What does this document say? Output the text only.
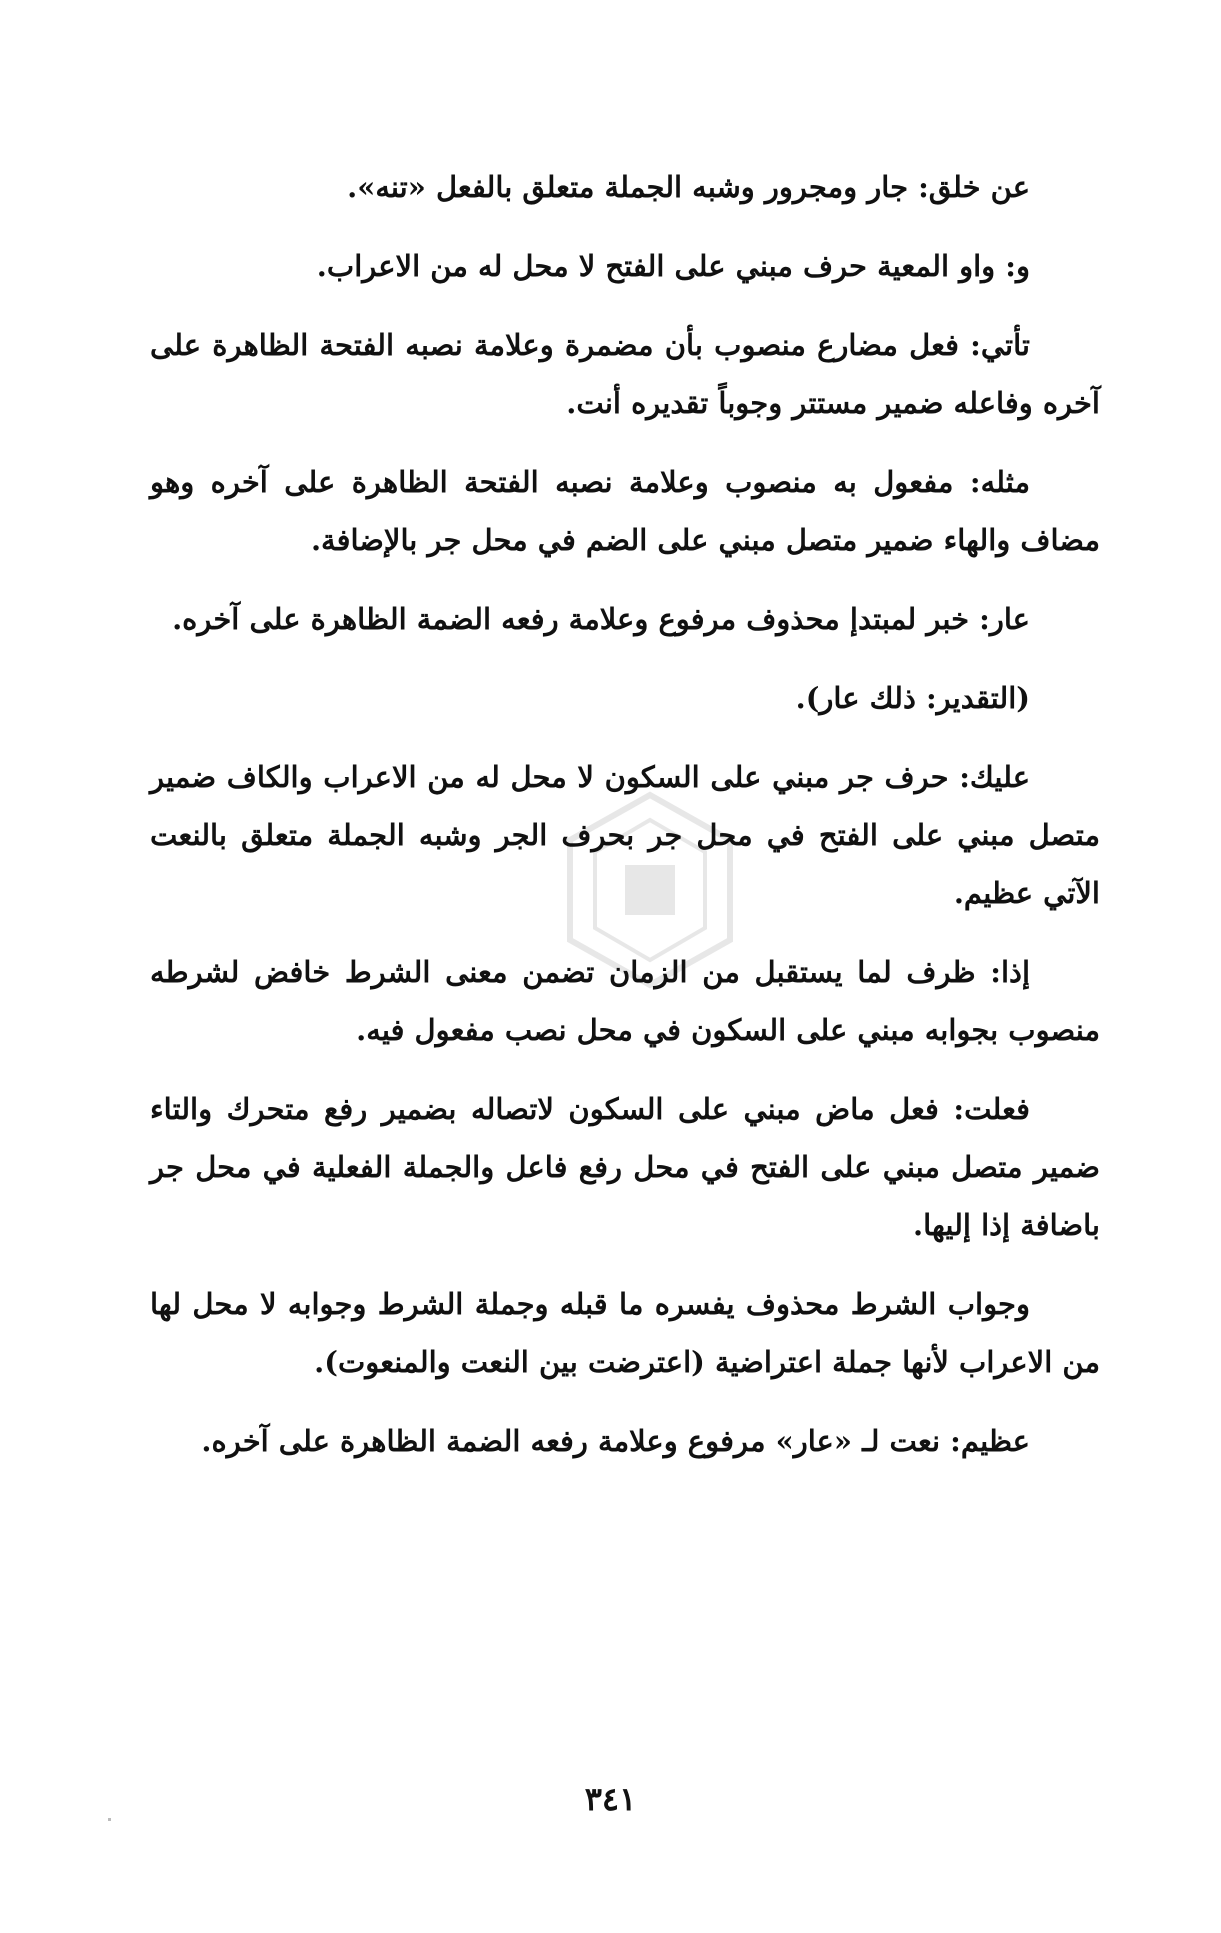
عن خلق: جار ومجرور وشبه الجملة متعلق بالفعل «تنه».

و: واو المعية حرف مبني على الفتح لا محل له من الاعراب.

تأتي: فعل مضارع منصوب بأن مضمرة وعلامة نصبه الفتحة الظاهرة على آخره وفاعله ضمير مستتر وجوباً تقديره أنت.

مثله: مفعول به منصوب وعلامة نصبه الفتحة الظاهرة على آخره وهو مضاف والهاء ضمير متصل مبني على الضم في محل جر بالإضافة.

عار: خبر لمبتدإ محذوف مرفوع وعلامة رفعه الضمة الظاهرة على آخره.

(التقدير: ذلك عار).

عليك: حرف جر مبني على السكون لا محل له من الاعراب والكاف ضمير متصل مبني على الفتح في محل جر بحرف الجر وشبه الجملة متعلق بالنعت الآتي عظيم.

إذا: ظرف لما يستقبل من الزمان تضمن معنى الشرط خافض لشرطه منصوب بجوابه مبني على السكون في محل نصب مفعول فيه.

فعلت: فعل ماض مبني على السكون لاتصاله بضمير رفع متحرك والتاء ضمير متصل مبني على الفتح في محل رفع فاعل والجملة الفعلية في محل جر باضافة إذا إليها.

وجواب الشرط محذوف يفسره ما قبله وجملة الشرط وجوابه لا محل لها من الاعراب لأنها جملة اعتراضية (اعترضت بين النعت والمنعوت).

عظيم: نعت لـ «عار» مرفوع وعلامة رفعه الضمة الظاهرة على آخره.

٣٤١
